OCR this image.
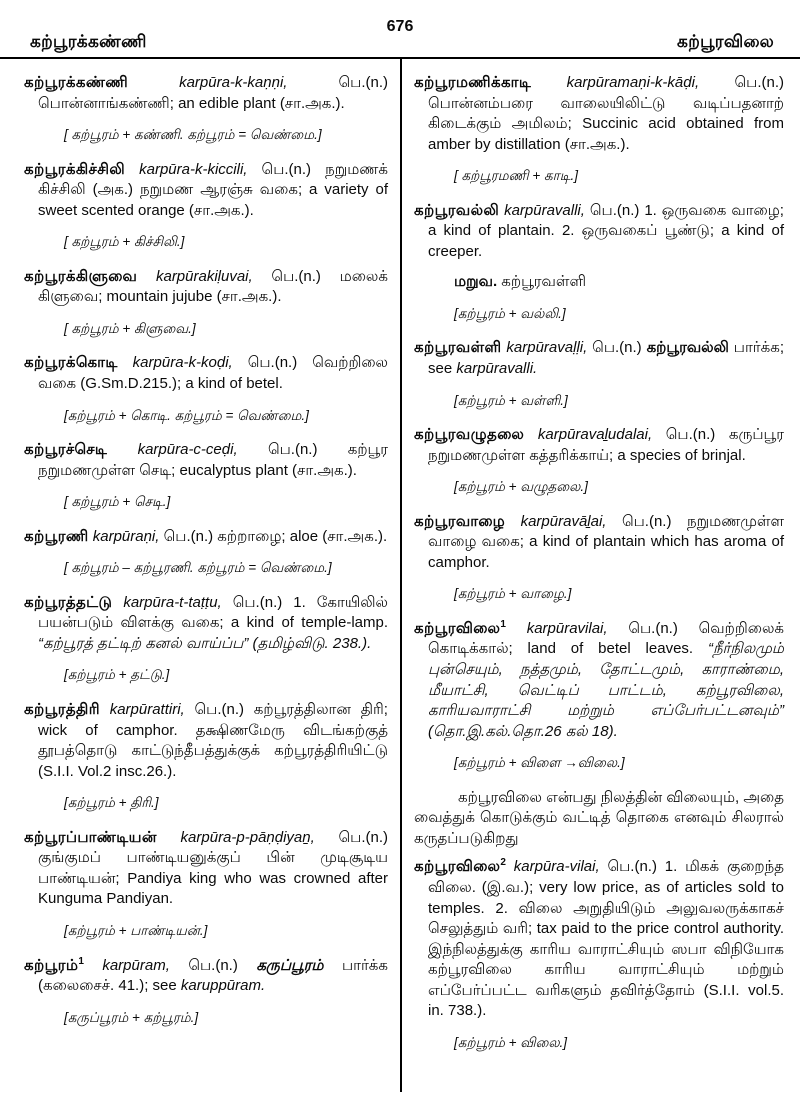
676
கற்பூரக்கண்ணி	கற்பூரவிலை

கற்பூரக்கண்ணி karpūra-k-kaṇṇi, பெ.(n.) பொன்னாங்கண்ணி; an edible plant (சா.அக.).

[ கற்பூரம் + கண்ணி. கற்பூரம் = வெண்மை.]

கற்பூரக்கிச்சிலி karpūra-k-kiccili, பெ.(n.) நறுமணக் கிச்சிலி (அக.) நறுமண ஆரஞ்சு வகை; a variety of sweet scented orange (சா.அக.).

[ கற்பூரம் + கிச்சிலி.]

கற்பூரக்கிளுவை karpūrakiḷuvai, பெ.(n.) மலைக் கிளுவை; mountain jujube (சா.அக.).

[ கற்பூரம் + கிளுவை.]

கற்பூரக்கொடி karpūra-k-koḍi, பெ.(n.) வெற்றிலை வகை (G.Sm.D.215.); a kind of betel.

[கற்பூரம் + கொடி. கற்பூரம் = வெண்மை.]

கற்பூரச்செடி karpūra-c-ceḍi, பெ.(n.) கற்பூர நறுமணமுள்ள செடி; eucalyptus plant (சா.அக.).

[ கற்பூரம் + செடி.]

கற்பூரணி karpūraṇi, பெ.(n.) கற்றாழை; aloe (சா.அக.).

[ கற்பூரம் – கற்பூரணி. கற்பூரம் = வெண்மை.]

கற்பூரத்தட்டு karpūra-t-taṭṭu, பெ.(n.) 1. கோயிலில் பயன்படும் விளக்கு வகை; a kind of temple-lamp. “கற்பூரத் தட்டிற் கனல் வாய்ப்ப” (தமிழ்விடு. 238.).

[கற்பூரம் + தட்டு.]

கற்பூரத்திரி karpūrattiri, பெ.(n.) கற்பூரத்திலான திரி; wick of camphor. தக்ஷிணமேரு விடங்கற்குத் தூபத்தொடு காட்டுந்தீபத்துக்குக் கற்பூரத்திரியிட்டு (S.I.I. Vol.2 insc.26.).

[கற்பூரம் + திரி.]

கற்பூரப்பாண்டியன் karpūra-p-pāṇḍiyaṉ, பெ.(n.) குங்குமப் பாண்டியனுக்குப் பின் முடிசூடிய பாண்டியன்; Pandiya king who was crowned after Kunguma Pandiyan.

[கற்பூரம் + பாண்டியன்.]

கற்பூரம்$^1$ karpūram, பெ.(n.) கருப்பூரம் பார்க்க (கலைசைச். 41.); see karuppūram.

[கருப்பூரம் + கற்பூரம்.]

கற்பூரமணிக்காடி karpūramaṇi-k-kāḍi, பெ.(n.) பொன்னம்பரை வாலையிலிட்டு வடிப்பதனாற் கிடைக்கும் அமிலம்; Succinic acid obtained from amber by distillation (சா.அக.).

[ கற்பூரமணி + காடி.]

கற்பூரவல்லி karpūravalli, பெ.(n.) 1. ஒருவகை வாழை; a kind of plantain. 2. ஒருவகைப் பூண்டு; a kind of creeper.

மறுவ. கற்பூரவள்ளி

[கற்பூரம் + வல்லி.]

கற்பூரவள்ளி karpūravaḷḷi, பெ.(n.) கற்பூரவல்லி பார்க்க; see karpūravalli.

[கற்பூரம் + வள்ளி.]

கற்பூரவழுதலை karpūravaḻudalai, பெ.(n.) கருப்பூர நறுமணமுள்ள கத்தரிக்காய்; a species of brinjal.

[கற்பூரம் + வழுதலை.]

கற்பூரவாழை karpūravāḻai, பெ.(n.) நறுமணமுள்ள வாழை வகை; a kind of plantain which has aroma of camphor.

[கற்பூரம் + வாழை.]

கற்பூரவிலை$^1$ karpūravilai, பெ.(n.) வெற்றிலைக் கொடிக்கால்; land of betel leaves. “நீர்நிலமும் புன்செயும், நத்தமும், தோட்டமும், காராண்மை, மீயாட்சி, வெட்டிப் பாட்டம், கற்பூரவிலை, காரியவாராட்சி மற்றும் எப்பேர்பட்டனவும்” (தொ.இ.கல்.தொ.26 கல் 18).

[கற்பூரம் + விளை →விலை.]

கற்பூரவிலை என்பது நிலத்தின் விலையும், அதை வைத்துக் கொடுக்கும் வட்டித் தொகை எனவும் சிலரால் கருதப்படுகிறது

கற்பூரவிலை$^2$ karpūra-vilai, பெ.(n.) 1. மிகக் குறைந்த விலை. (இ.வ.); very low price, as of articles sold to temples. 2. விலை அறுதியிடும் அலுவலருக்காகச் செலுத்தும் வரி; tax paid to the price control authority. இந்நிலத்துக்கு காரிய வாராட்சியும் ஸபா விநியோக கற்பூரவிலை காரிய வாராட்சியும் மற்றும் எப்பேர்ப்பட்ட வரிகளும் தவிர்த்தோம் (S.I.I. vol.5. in. 738.).

[கற்பூரம் + விலை.]
